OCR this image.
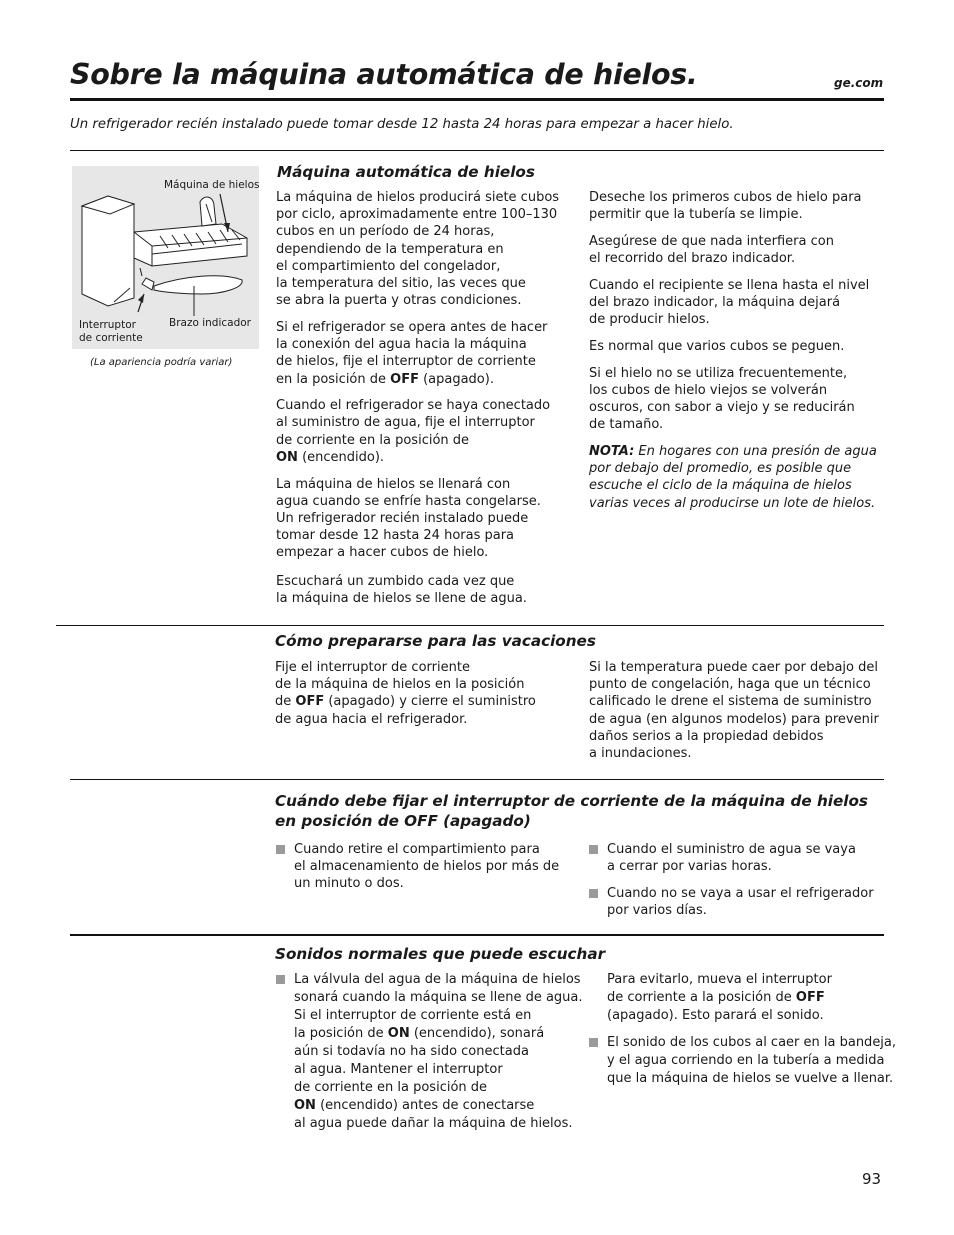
Sobre la máquina automática de hielos.	ge.com
Un refrigerador recién instalado puede tomar desde 12 hasta 24 horas para empezar a hacer hielo.
Máquina de hielos
Interruptor
de corriente
Brazo indicador
(La apariencia podría variar)
Máquina automática de hielos

La máquina de hielos producirá siete cubos
por ciclo, aproximadamente entre 100–130
cubos en un período de 24 horas,
dependiendo de la temperatura en
el compartimiento del congelador,
la temperatura del sitio, las veces que
se abra la puerta y otras condiciones.

Si el refrigerador se opera antes de hacer
la conexión del agua hacia la máquina
de hielos, fije el interruptor de corriente
en la posición de OFF (apagado).

Cuando el refrigerador se haya conectado
al suministro de agua, fije el interruptor
de corriente en la posición de
ON (encendido).

La máquina de hielos se llenará con
agua cuando se enfríe hasta congelarse.
Un refrigerador recién instalado puede
tomar desde 12 hasta 24 horas para
empezar a hacer cubos de hielo.

Escuchará un zumbido cada vez que
la máquina de hielos se llene de agua.

Deseche los primeros cubos de hielo para
permitir que la tubería se limpie.

Asegúrese de que nada interfiera con
el recorrido del brazo indicador.

Cuando el recipiente se llena hasta el nivel
del brazo indicador, la máquina dejará
de producir hielos.

Es normal que varios cubos se peguen.

Si el hielo no se utiliza frecuentemente,
los cubos de hielo viejos se volverán
oscuros, con sabor a viejo y se reducirán
de tamaño.

NOTA: En hogares con una presión de agua
por debajo del promedio, es posible que
escuche el ciclo de la máquina de hielos
varias veces al producirse un lote de hielos.

Cómo prepararse para las vacaciones
Fije el interruptor de corriente
de la máquina de hielos en la posición
de OFF (apagado) y cierre el suministro
de agua hacia el refrigerador.
Si la temperatura puede caer por debajo del
punto de congelación, haga que un técnico
calificado le drene el sistema de suministro
de agua (en algunos modelos) para prevenir
daños serios a la propiedad debidos
a inundaciones.
Cuándo debe fijar el interruptor de corriente de la máquina de hielos
en posición de OFF (apagado)
Cuando retire el compartimiento para
el almacenamiento de hielos por más de
un minuto o dos.
Cuando el suministro de agua se vaya
a cerrar por varias horas.
Cuando no se vaya a usar el refrigerador
por varios días.
Sonidos normales que puede escuchar
La válvula del agua de la máquina de hielos
sonará cuando la máquina se llene de agua.
Si el interruptor de corriente está en
la posición de ON (encendido), sonará
aún si todavía no ha sido conectada
al agua. Mantener el interruptor
de corriente en la posición de
ON (encendido) antes de conectarse
al agua puede dañar la máquina de hielos.
Para evitarlo, mueva el interruptor
de corriente a la posición de OFF
(apagado). Esto parará el sonido.
El sonido de los cubos al caer en la bandeja,
y el agua corriendo en la tubería a medida
que la máquina de hielos se vuelve a llenar.
93
